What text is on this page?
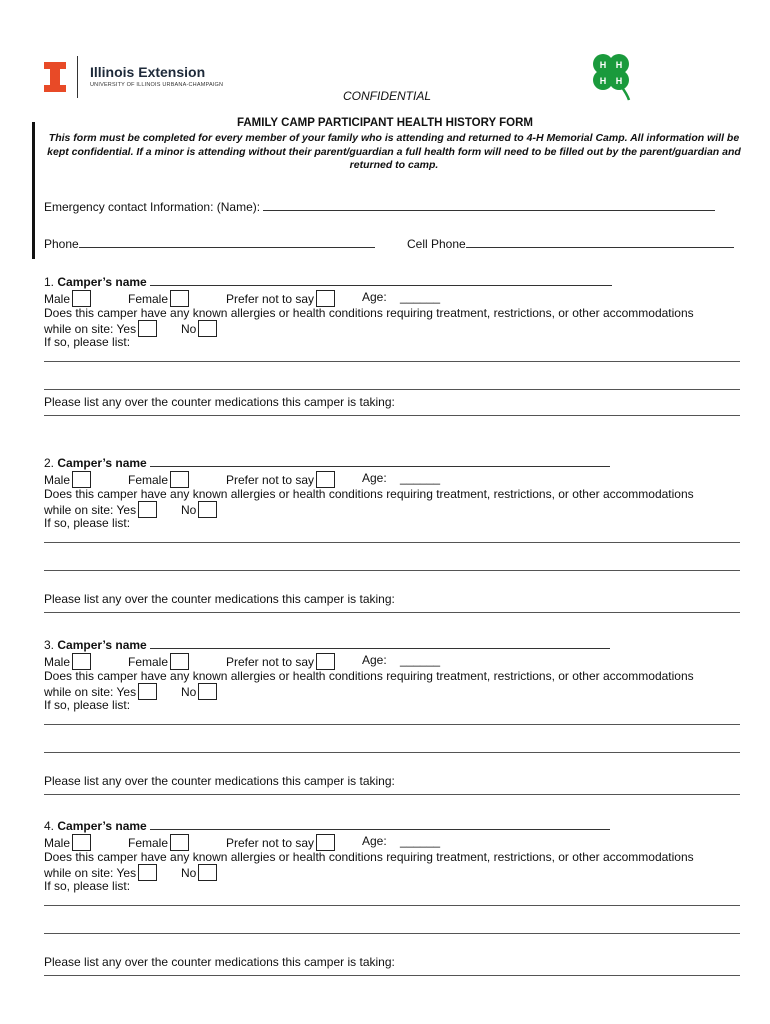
Illinois Extension
UNIVERSITY OF ILLINOIS URBANA-CHAMPAIGN
H H
H H
CONFIDENTIAL
FAMILY CAMP PARTICIPANT HEALTH HISTORY FORM
This form must be completed for every member of your family who is attending and returned to 4-H Memorial Camp. All information will be kept confidential. If a minor is attending without their parent/guardian a full health form will need to be filled out by the parent/guardian and returned to camp.
Emergency contact Information: (Name):
Phone	Cell Phone
1. Camper’s name
Male	Female	Prefer not to say	Age: ______
Does this camper have any known allergies or health conditions requiring treatment, restrictions, or other accommodations
while on site: Yes	No
If so, please list:
Please list any over the counter medications this camper is taking:
2. Camper’s name
Male	Female	Prefer not to say	Age: ______
Does this camper have any known allergies or health conditions requiring treatment, restrictions, or other accommodations
while on site: Yes	No
If so, please list:
Please list any over the counter medications this camper is taking:
3. Camper’s name
Male	Female	Prefer not to say	Age: ______
Does this camper have any known allergies or health conditions requiring treatment, restrictions, or other accommodations
while on site: Yes	No
If so, please list:
Please list any over the counter medications this camper is taking:
4. Camper’s name
Male	Female	Prefer not to say	Age: ______
Does this camper have any known allergies or health conditions requiring treatment, restrictions, or other accommodations
while on site: Yes	No
If so, please list:
Please list any over the counter medications this camper is taking:
